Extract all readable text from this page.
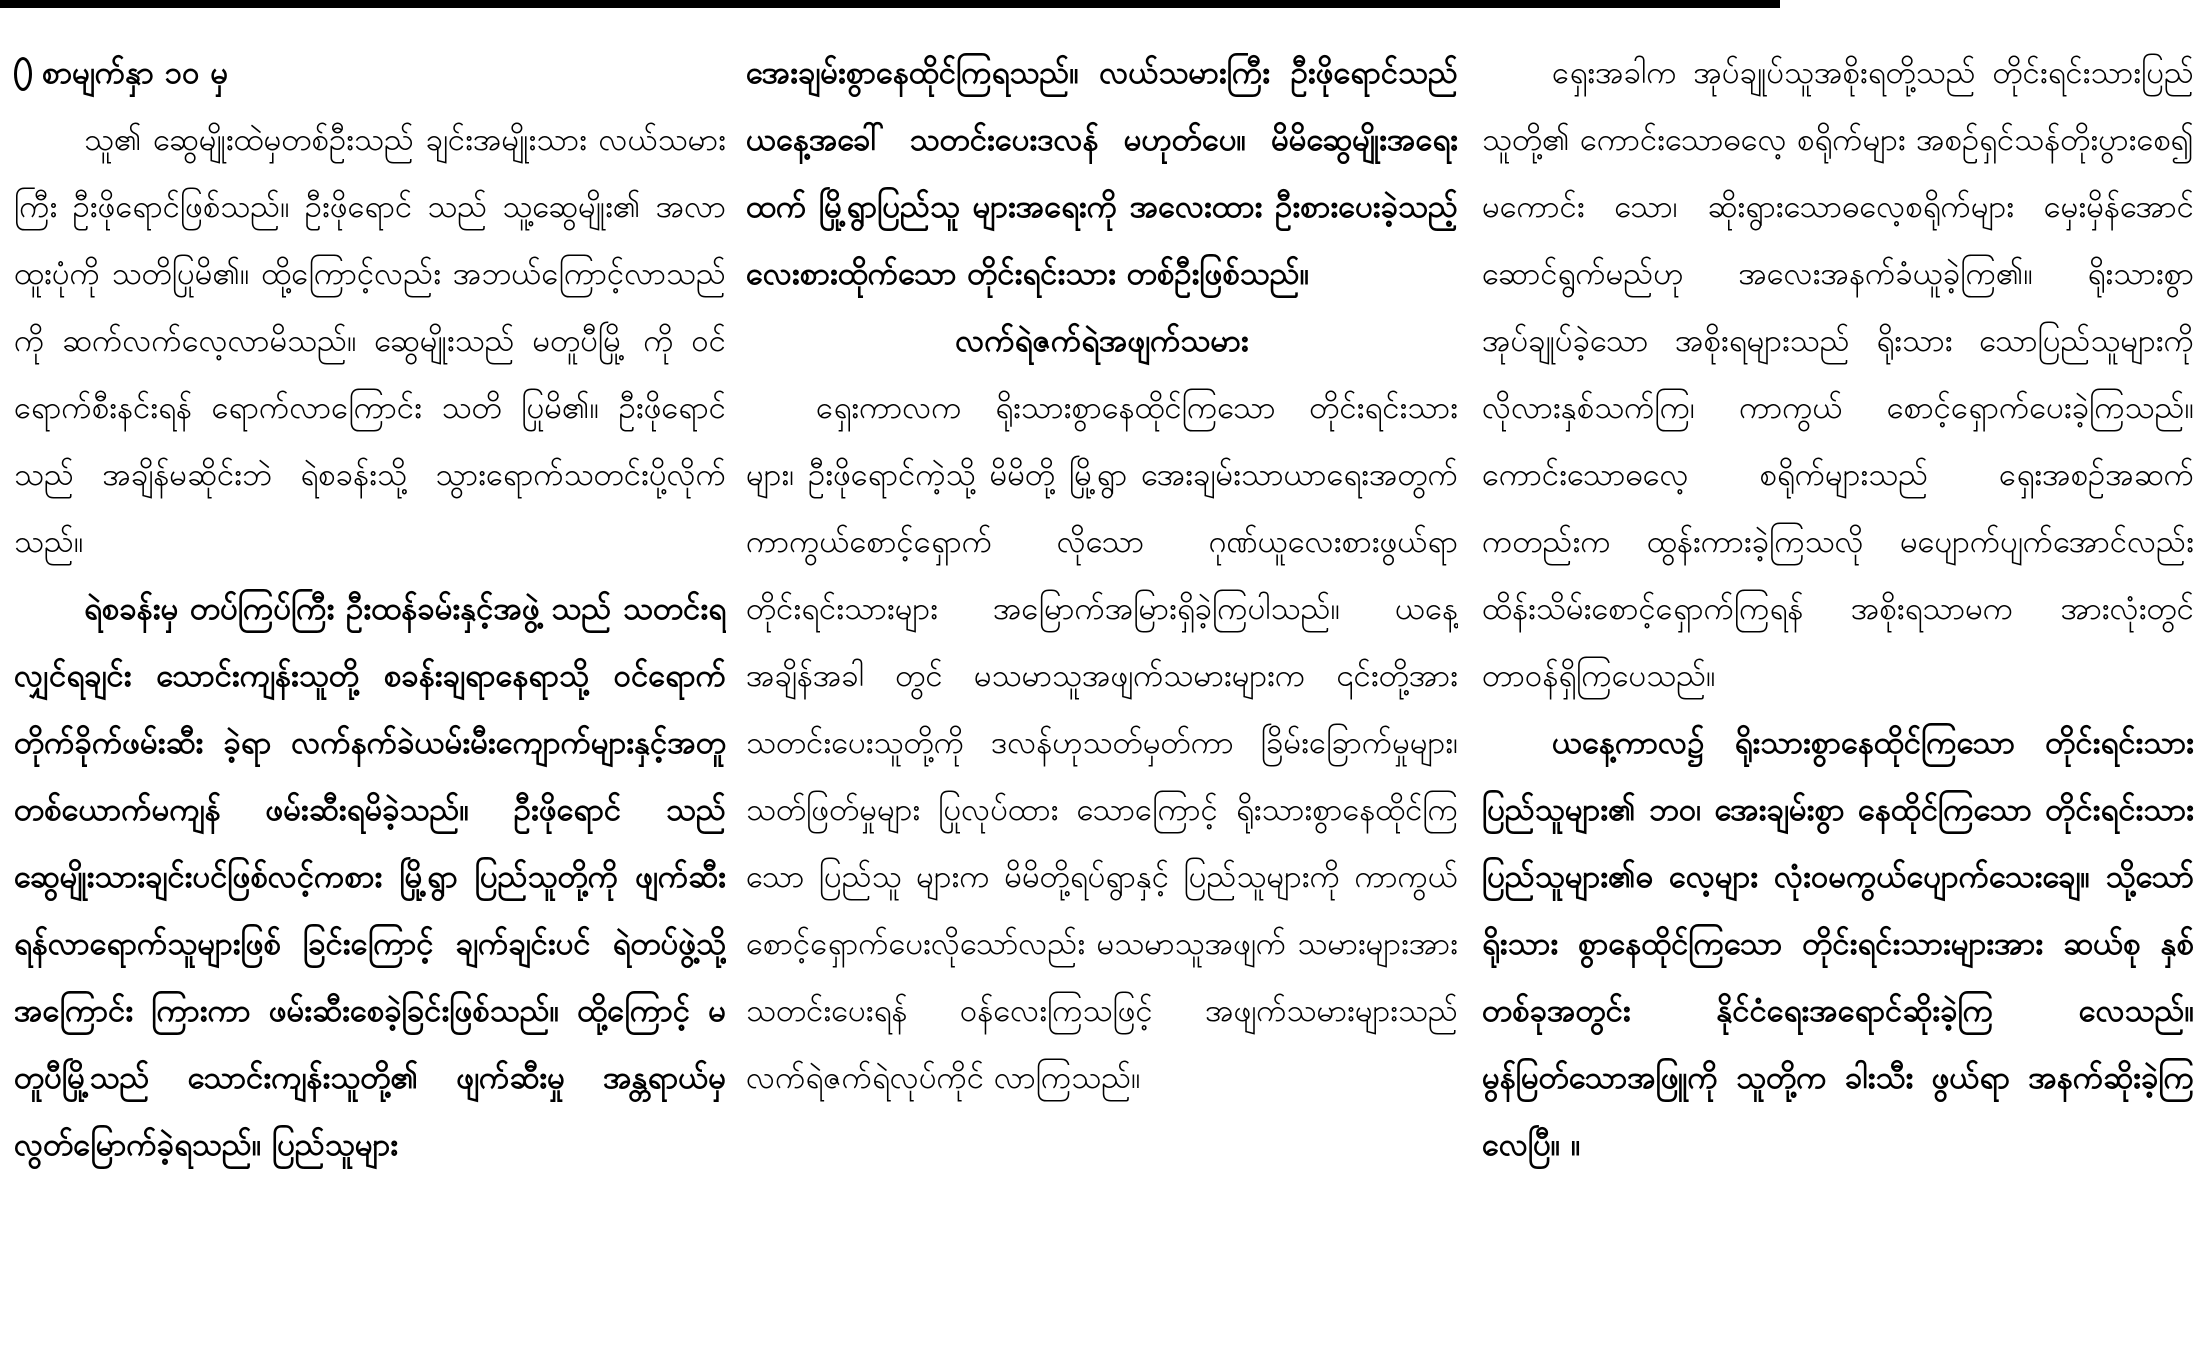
စာမျက်နှာ ၁၀ မှ

သူ၏ ဆွေမျိုးထဲမှတစ်ဦးသည် ချင်းအမျိုးသား လယ်သမားကြီး ဦးဖိုရောင်ဖြစ်သည်။ ဦးဖိုရောင် သည် သူ့ဆွေမျိုး၏ အလာထူးပုံကို သတိပြုမိ၏။ ထို့ကြောင့်လည်း အဘယ်ကြောင့်လာသည်ကို ဆက်လက်လေ့လာမိသည်။ ဆွေမျိုးသည် မတူပီမြို့ ကို ဝင်ရောက်စီးနင်းရန် ရောက်လာကြောင်း သတိ ပြုမိ၏။ ဦးဖိုရောင်သည် အချိန်မဆိုင်းဘဲ ရဲစခန်းသို့ သွားရောက်သတင်းပို့လိုက်သည်။

ရဲစခန်းမှ တပ်ကြပ်ကြီး ဦးထန်ခမ်းနှင့်အဖွဲ့ သည် သတင်းရလျှင်ရချင်း သောင်းကျန်းသူတို့ စခန်းချရာနေရာသို့ ဝင်ရောက်တိုက်ခိုက်ဖမ်းဆီး ခဲ့ရာ လက်နက်ခဲယမ်းမီးကျောက်များနှင့်အတူ တစ်ယောက်မကျန် ဖမ်းဆီးရမိခဲ့သည်။ ဦးဖိုရောင် သည် ဆွေမျိုးသားချင်းပင်ဖြစ်လင့်ကစား မြို့ရွာ ပြည်သူတို့ကို ဖျက်ဆီးရန်လာရောက်သူများဖြစ် ခြင်းကြောင့် ချက်ချင်းပင် ရဲတပ်ဖွဲ့သို့ အကြောင်း ကြားကာ ဖမ်းဆီးစေခဲ့ခြင်းဖြစ်သည်။ ထို့ကြောင့် မတူပီမြို့သည် သောင်းကျန်းသူတို့၏ ဖျက်ဆီးမှု အန္တရာယ်မှ လွတ်မြောက်ခဲ့ရသည်။ ပြည်သူများ

အေးချမ်းစွာနေထိုင်ကြရသည်။ လယ်သမားကြီး ဦးဖိုရောင်သည် ယနေ့အခေါ် သတင်းပေးဒလန် မဟုတ်ပေ။ မိမိဆွေမျိုးအရေးထက် မြို့ရွာပြည်သူ များအရေးကို အလေးထား ဦးစားပေးခဲ့သည့် လေးစားထိုက်သော တိုင်းရင်းသား တစ်ဦးဖြစ်သည်။

လက်ရဲဇက်ရဲအဖျက်သမား

ရှေးကာလက ရိုးသားစွာနေထိုင်ကြသော တိုင်းရင်းသားများ၊ ဦးဖိုရောင်ကဲ့သို့ မိမိတို့ မြို့ရွာ အေးချမ်းသာယာရေးအတွက် ကာကွယ်စောင့်ရှောက် လိုသော ဂုဏ်ယူလေးစားဖွယ်ရာ တိုင်းရင်းသားများ အမြောက်အမြားရှိခဲ့ကြပါသည်။ ယနေ့အချိန်အခါ တွင် မသမာသူအဖျက်သမားများက ၎င်းတို့အား သတင်းပေးသူတို့ကို ဒလန်ဟုသတ်မှတ်ကာ ခြိမ်းခြောက်မှုများ၊ သတ်ဖြတ်မှုများ ပြုလုပ်ထား သောကြောင့် ရိုးသားစွာနေထိုင်ကြသော ပြည်သူ များက မိမိတို့ရပ်ရွာနှင့် ပြည်သူများကို ကာကွယ် စောင့်ရှောက်ပေးလိုသော်လည်း မသမာသူအဖျက် သမားများအား သတင်းပေးရန် ဝန်လေးကြသဖြင့် အဖျက်သမားများသည် လက်ရဲဇက်ရဲလုပ်ကိုင် လာကြသည်။

ရှေးအခါက အုပ်ချုပ်သူအစိုးရတို့သည် တိုင်းရင်းသားပြည်သူတို့၏ ကောင်းသောဓလေ့ စရိုက်များ အစဉ်ရှင်သန်တိုးပွားစေ၍ မကောင်း သော၊ ဆိုးရွားသောဓလေ့စရိုက်များ မှေးမှိန်အောင် ဆောင်ရွက်မည်ဟု အလေးအနက်ခံယူခဲ့ကြ၏။ ရိုးသားစွာအုပ်ချုပ်ခဲ့သော အစိုးရများသည် ရိုးသား သောပြည်သူများကို လိုလားနှစ်သက်ကြ၊ ကာကွယ် စောင့်ရှောက်ပေးခဲ့ကြသည်။ ကောင်းသောဓလေ့ စရိုက်များသည် ရှေးအစဉ်အဆက်ကတည်းက ထွန်းကားခဲ့ကြသလို မပျောက်ပျက်အောင်လည်း ထိန်းသိမ်းစောင့်ရှောက်ကြရန် အစိုးရသာမက အားလုံးတွင်တာဝန်ရှိကြပေသည်။

ယနေ့ကာလ၌ ရိုးသားစွာနေထိုင်ကြသော တိုင်းရင်းသားပြည်သူများ၏ ဘဝ၊ အေးချမ်းစွာ နေထိုင်ကြသော တိုင်းရင်းသားပြည်သူများ၏ဓ လေ့များ လုံးဝမကွယ်ပျောက်သေးချေ။ သို့သော် ရိုးသား စွာနေထိုင်ကြသော တိုင်းရင်းသားများအား ဆယ်စု နှစ်တစ်ခုအတွင်း နိုင်ငံရေးအရောင်ဆိုးခဲ့ကြ လေသည်။ မွန်မြတ်သောအဖြူကို သူတို့က ခါးသီး ဖွယ်ရာ အနက်ဆိုးခဲ့ကြလေပြီ။ ။
